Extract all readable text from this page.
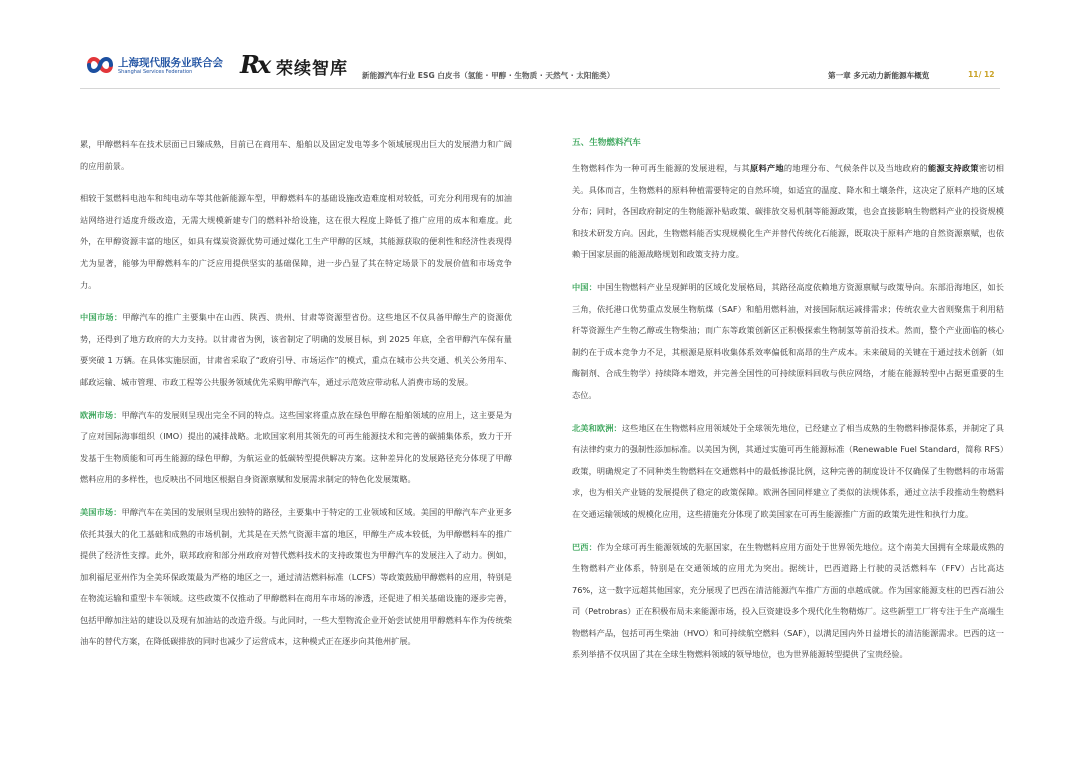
上海现代服务业联合会
Shanghai Services Federation Rx 荣续智库 新能源汽车行业 ESG 白皮书（氢能 · 甲醇 · 生物质 · 天然气 · 太阳能类）	第一章 多元动力新能源车概览	11/ 12

累，甲醇燃料车在技术层面已日臻成熟，目前已在商用车、船舶以及固定发电等多个领域展现出巨大的发展潜力和广阔的应用前景。

相较于氢燃料电池车和纯电动车等其他新能源车型，甲醇燃料车的基础设施改造难度相对较低，可充分利用现有的加油站网络进行适度升级改造，无需大规模新建专门的燃料补给设施，这在很大程度上降低了推广应用的成本和难度。此外，在甲醇资源丰富的地区，如具有煤炭资源优势可通过煤化工生产甲醇的区域，其能源获取的便利性和经济性表现得尤为显著，能够为甲醇燃料车的广泛应用提供坚实的基础保障，进一步凸显了其在特定场景下的发展价值和市场竞争力。

中国市场：甲醇汽车的推广主要集中在山西、陕西、贵州、甘肃等资源型省份。这些地区不仅具备甲醇生产的资源优势，还得到了地方政府的大力支持。以甘肃省为例，该省制定了明确的发展目标，到 2025 年底，全省甲醇汽车保有量要突破 1 万辆。在具体实施层面，甘肃省采取了“政府引导、市场运作”的模式，重点在城市公共交通、机关公务用车、邮政运输、城市管理、市政工程等公共服务领域优先采购甲醇汽车，通过示范效应带动私人消费市场的发展。

欧洲市场：甲醇汽车的发展则呈现出完全不同的特点。这些国家将重点放在绿色甲醇在船舶领域的应用上，这主要是为了应对国际海事组织（IMO）提出的减排战略。北欧国家利用其领先的可再生能源技术和完善的碳捕集体系，致力于开发基于生物质能和可再生能源的绿色甲醇，为航运业的低碳转型提供解决方案。这种差异化的发展路径充分体现了甲醇燃料应用的多样性，也反映出不同地区根据自身资源禀赋和发展需求制定的特色化发展策略。

美国市场：甲醇汽车在美国的发展则呈现出独特的路径，主要集中于特定的工业领域和区域。美国的甲醇汽车产业更多依托其强大的化工基础和成熟的市场机制，尤其是在天然气资源丰富的地区，甲醇生产成本较低，为甲醇燃料车的推广提供了经济性支撑。此外，联邦政府和部分州政府对替代燃料技术的支持政策也为甲醇汽车的发展注入了动力。例如，加利福尼亚州作为全美环保政策最为严格的地区之一，通过清洁燃料标准（LCFS）等政策鼓励甲醇燃料的应用，特别是在物流运输和重型卡车领域。这些政策不仅推动了甲醇燃料在商用车市场的渗透，还促进了相关基础设施的逐步完善，包括甲醇加注站的建设以及现有加油站的改造升级。与此同时，一些大型物流企业开始尝试使用甲醇燃料车作为传统柴油车的替代方案，在降低碳排放的同时也减少了运营成本，这种模式正在逐步向其他州扩展。

五、生物燃料汽车

生物燃料作为一种可再生能源的发展进程，与其原料产地的地理分布、气候条件以及当地政府的能源支持政策密切相关。具体而言，生物燃料的原料种植需要特定的自然环境，如适宜的温度、降水和土壤条件，这决定了原料产地的区域分布；同时，各国政府制定的生物能源补贴政策、碳排放交易机制等能源政策，也会直接影响生物燃料产业的投资规模和技术研发方向。因此，生物燃料能否实现规模化生产并替代传统化石能源，既取决于原料产地的自然资源禀赋，也依赖于国家层面的能源战略规划和政策支持力度。

中国：中国生物燃料产业呈现鲜明的区域化发展格局，其路径高度依赖地方资源禀赋与政策导向。东部沿海地区，如长三角，依托港口优势重点发展生物航煤（SAF）和船用燃料油，对接国际航运减排需求；传统农业大省则聚焦于利用秸秆等资源生产生物乙醇或生物柴油；而广东等政策创新区正积极探索生物制氢等前沿技术。然而，整个产业面临的核心制约在于成本竞争力不足，其根源是原料收集体系效率偏低和高昂的生产成本。未来破局的关键在于通过技术创新（如酶制剂、合成生物学）持续降本增效，并完善全国性的可持续原料回收与供应网络，才能在能源转型中占据更重要的生态位。

北美和欧洲：这些地区在生物燃料应用领域处于全球领先地位，已经建立了相当成熟的生物燃料掺混体系，并制定了具有法律约束力的强制性添加标准。以美国为例，其通过实施可再生能源标准（Renewable Fuel Standard，简称 RFS）政策，明确规定了不同种类生物燃料在交通燃料中的最低掺混比例，这种完善的制度设计不仅确保了生物燃料的市场需求，也为相关产业链的发展提供了稳定的政策保障。欧洲各国同样建立了类似的法规体系，通过立法手段推动生物燃料在交通运输领域的规模化应用，这些措施充分体现了欧美国家在可再生能源推广方面的政策先进性和执行力度。

巴西：作为全球可再生能源领域的先驱国家，在生物燃料应用方面处于世界领先地位。这个南美大国拥有全球最成熟的生物燃料产业体系，特别是在交通领域的应用尤为突出。据统计，巴西道路上行驶的灵活燃料车（FFV）占比高达 76%，这一数字远超其他国家，充分展现了巴西在清洁能源汽车推广方面的卓越成就。作为国家能源支柱的巴西石油公司（Petrobras）正在积极布局未来能源市场，投入巨资建设多个现代化生物精炼厂。这些新型工厂将专注于生产高端生物燃料产品，包括可再生柴油（HVO）和可持续航空燃料（SAF），以满足国内外日益增长的清洁能源需求。巴西的这一系列举措不仅巩固了其在全球生物燃料领域的领导地位，也为世界能源转型提供了宝贵经验。
